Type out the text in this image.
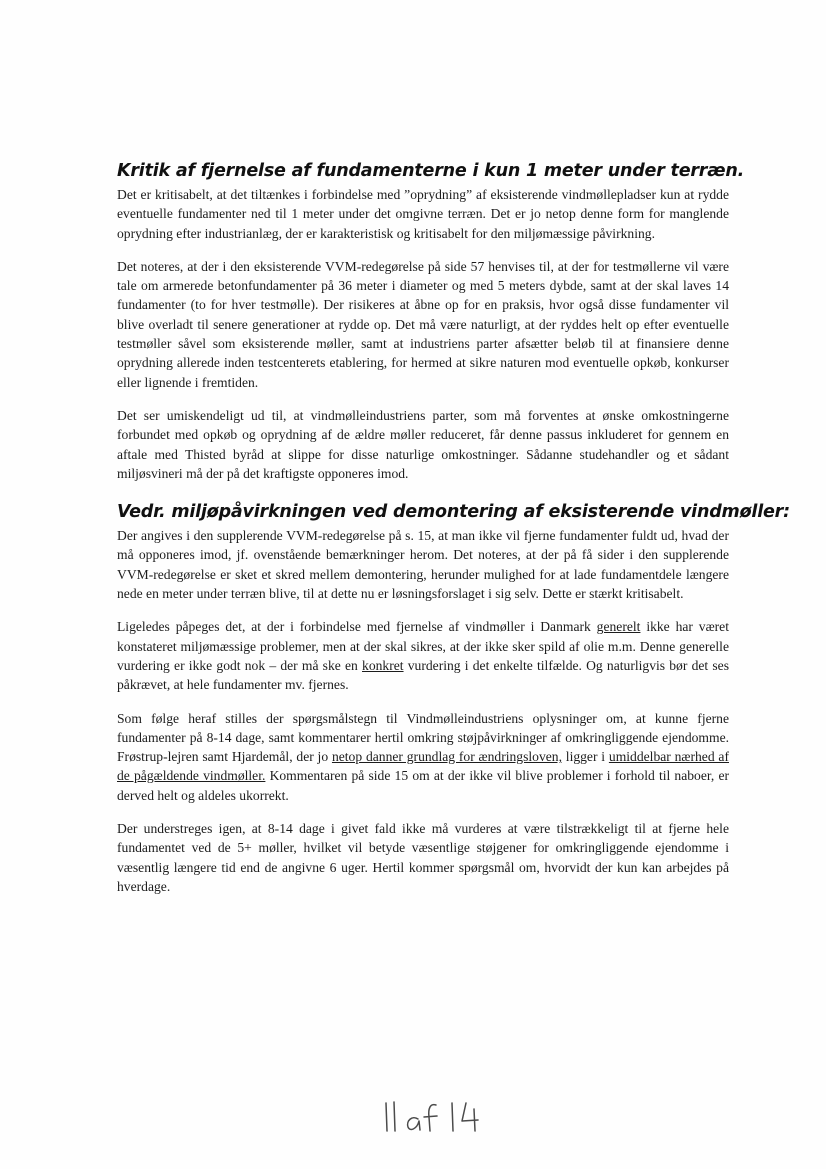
Kritik af fjernelse af fundamenterne i kun 1 meter under terræn.

Det er kritisabelt, at det tiltænkes i forbindelse med ”oprydning” af eksisterende vindmøllepladser kun at rydde eventuelle fundamenter ned til 1 meter under det omgivne terræn. Det er jo netop denne form for manglende oprydning efter industrianlæg, der er karakteristisk og kritisabelt for den miljømæssige påvirkning.

Det noteres, at der i den eksisterende VVM-redegørelse på side 57 henvises til, at der for testmøllerne vil være tale om armerede betonfundamenter på 36 meter i diameter og med 5 meters dybde, samt at der skal laves 14 fundamenter (to for hver testmølle). Der risikeres at åbne op for en praksis, hvor også disse fundamenter vil blive overladt til senere generationer at rydde op. Det må være naturligt, at der ryddes helt op efter eventuelle testmøller såvel som eksisterende møller, samt at industriens parter afsætter beløb til at finansiere denne oprydning allerede inden testcenterets etablering, for hermed at sikre naturen mod eventuelle opkøb, konkurser eller lignende i fremtiden.

Det ser umiskendeligt ud til, at vindmølleindustriens parter, som må forventes at ønske omkostningerne forbundet med opkøb og oprydning af de ældre møller reduceret, får denne passus inkluderet for gennem en aftale med Thisted byråd at slippe for disse naturlige omkostninger. Sådanne studehandler og et sådant miljøsvineri må der på det kraftigste opponeres imod.

Vedr. miljøpåvirkningen ved demontering af eksisterende vindmøller:

Der angives i den supplerende VVM-redegørelse på s. 15, at man ikke vil fjerne fundamenter fuldt ud, hvad der må opponeres imod, jf. ovenstående bemærkninger herom. Det noteres, at der på få sider i den supplerende VVM-redegørelse er sket et skred mellem demontering, herunder mulighed for at lade fundamentdele længere nede en meter under terræn blive, til at dette nu er løsningsforslaget i sig selv. Dette er stærkt kritisabelt.

Ligeledes påpeges det, at der i forbindelse med fjernelse af vindmøller i Danmark generelt ikke har været konstateret miljømæssige problemer, men at der skal sikres, at der ikke sker spild af olie m.m. Denne generelle vurdering er ikke godt nok – der må ske en konkret vurdering i det enkelte tilfælde. Og naturligvis bør det ses påkrævet, at hele fundamenter mv. fjernes.

Som følge heraf stilles der spørgsmålstegn til Vindmølleindustriens oplysninger om, at kunne fjerne fundamenter på 8-14 dage, samt kommentarer hertil omkring støjpåvirkninger af omkringliggende ejendomme. Frøstrup-lejren samt Hjardemål, der jo netop danner grundlag for ændringsloven, ligger i umiddelbar nærhed af de pågældende vindmøller. Kommentaren på side 15 om at der ikke vil blive problemer i forhold til naboer, er derved helt og aldeles ukorrekt.

Der understreges igen, at 8-14 dage i givet fald ikke må vurderes at være tilstrækkeligt til at fjerne hele fundamentet ved de 5+ møller, hvilket vil betyde væsentlige støjgener for omkringliggende ejendomme i væsentlig længere tid end de angivne 6 uger. Hertil kommer spørgsmål om, hvorvidt der kun kan arbejdes på hverdage.
